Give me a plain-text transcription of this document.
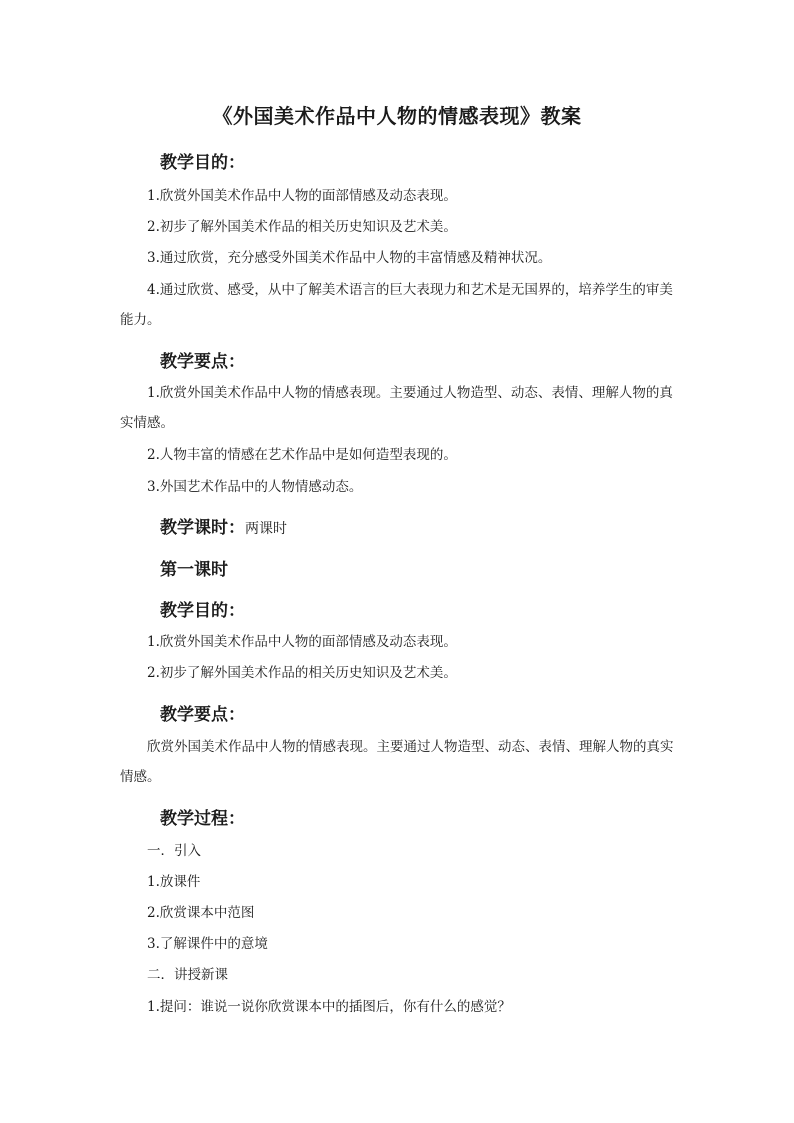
《外国美术作品中人物的情感表现》教案
教学目的：
1.欣赏外国美术作品中人物的面部情感及动态表现。
2.初步了解外国美术作品的相关历史知识及艺术美。
3.通过欣赏，充分感受外国美术作品中人物的丰富情感及精神状况。
4.通过欣赏、感受，从中了解美术语言的巨大表现力和艺术是无国界的，培养学生的审美能力。
教学要点：
1.欣赏外国美术作品中人物的情感表现。主要通过人物造型、动态、表情、理解人物的真实情感。
2.人物丰富的情感在艺术作品中是如何造型表现的。
3.外国艺术作品中的人物情感动态。
教学课时：两课时
第一课时
教学目的：
1.欣赏外国美术作品中人物的面部情感及动态表现。
2.初步了解外国美术作品的相关历史知识及艺术美。
教学要点：
欣赏外国美术作品中人物的情感表现。主要通过人物造型、动态、表情、理解人物的真实情感。
教学过程：
一．引入
1.放课件
2.欣赏课本中范图
3.了解课件中的意境
二．讲授新课
1.提问：谁说一说你欣赏课本中的插图后，你有什么的感觉？
